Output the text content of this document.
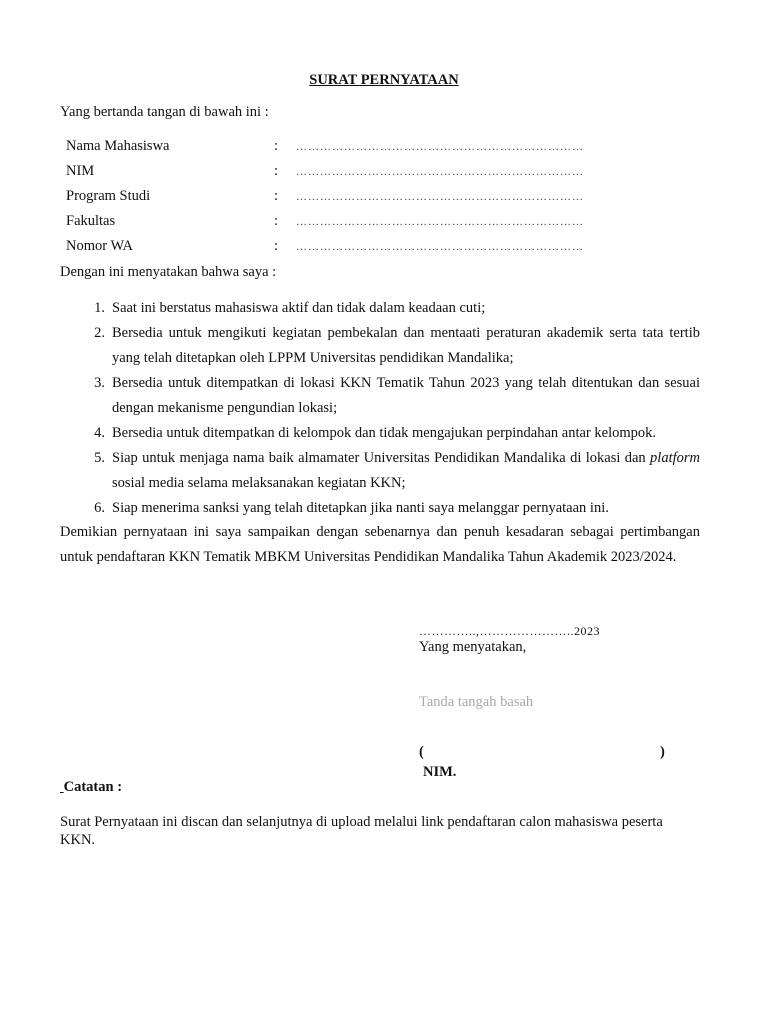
SURAT PERNYATAAN
Yang bertanda tangan di bawah ini :
Nama Mahasiswa	:	………………………………………………………………
NIM	:	………………………………………………………………
Program Studi	:	………………………………………………………………
Fakultas	:	………………………………………………………………
Nomor WA	:	………………………………………………………………
Dengan ini menyatakan bahwa saya :
1. Saat ini berstatus mahasiswa aktif dan tidak dalam keadaan cuti;
2. Bersedia untuk mengikuti kegiatan pembekalan dan mentaati peraturan akademik serta tata tertib yang telah ditetapkan oleh LPPM Universitas pendidikan Mandalika;
3. Bersedia untuk ditempatkan di lokasi KKN Tematik Tahun 2023 yang telah ditentukan dan sesuai dengan mekanisme pengundian lokasi;
4. Bersedia untuk ditempatkan di kelompok dan tidak mengajukan perpindahan antar kelompok.
5. Siap untuk menjaga nama baik almamater Universitas Pendidikan Mandalika di lokasi dan platform sosial media selama melaksanakan kegiatan KKN;
6. Siap menerima sanksi yang telah ditetapkan jika nanti saya melanggar pernyataan ini.
Demikian pernyataan ini saya sampaikan dengan sebenarnya dan penuh kesadaran sebagai pertimbangan untuk pendaftaran KKN Tematik MBKM Universitas Pendidikan Mandalika Tahun Akademik 2023/2024.
…………..,…………………..2023
Yang menyatakan,
Tanda tangah basah
(	)
NIM.
Catatan :
Surat Pernyataan ini discan dan selanjutnya di upload melalui link pendaftaran calon mahasiswa peserta KKN.
